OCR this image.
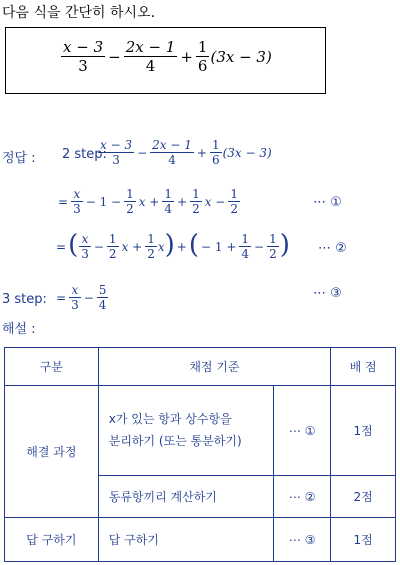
다음 식을 간단히 하시오.
$\frac{x - 3}{3} - \frac{2x - 1}{4} + \frac{1}{6} (3x - 3)$
정답 : 2 step:
$\frac{x - 3}{3} - \frac{2x - 1}{4} + \frac{1}{6} (3x - 3)$
= $\frac{x}{3} - 1 - \frac{1}{2}$ $x + \frac{1}{4} + \frac{1}{2}$ $x - \frac{1}{2}$	⋯ ①
= ( $\frac{x}{3} - \frac{1}{2}$ $x + \frac{1}{2}$ x ) + ( − $1 + \frac{1}{4} - \frac{1}{2}$ ) ⋯ ②
3 step: = $\frac{x}{3} - \frac{5}{4}$	⋯ ③
해설 :
구분	채점 기준		배 점
해결 과정	x가 있는 항과 상수항을
분리하기 (또는 통분하기)	⋯ ①	1점
	동류항끼리 계산하기	⋯ ②	2점
답 구하기	답 구하기	⋯ ③	1점
